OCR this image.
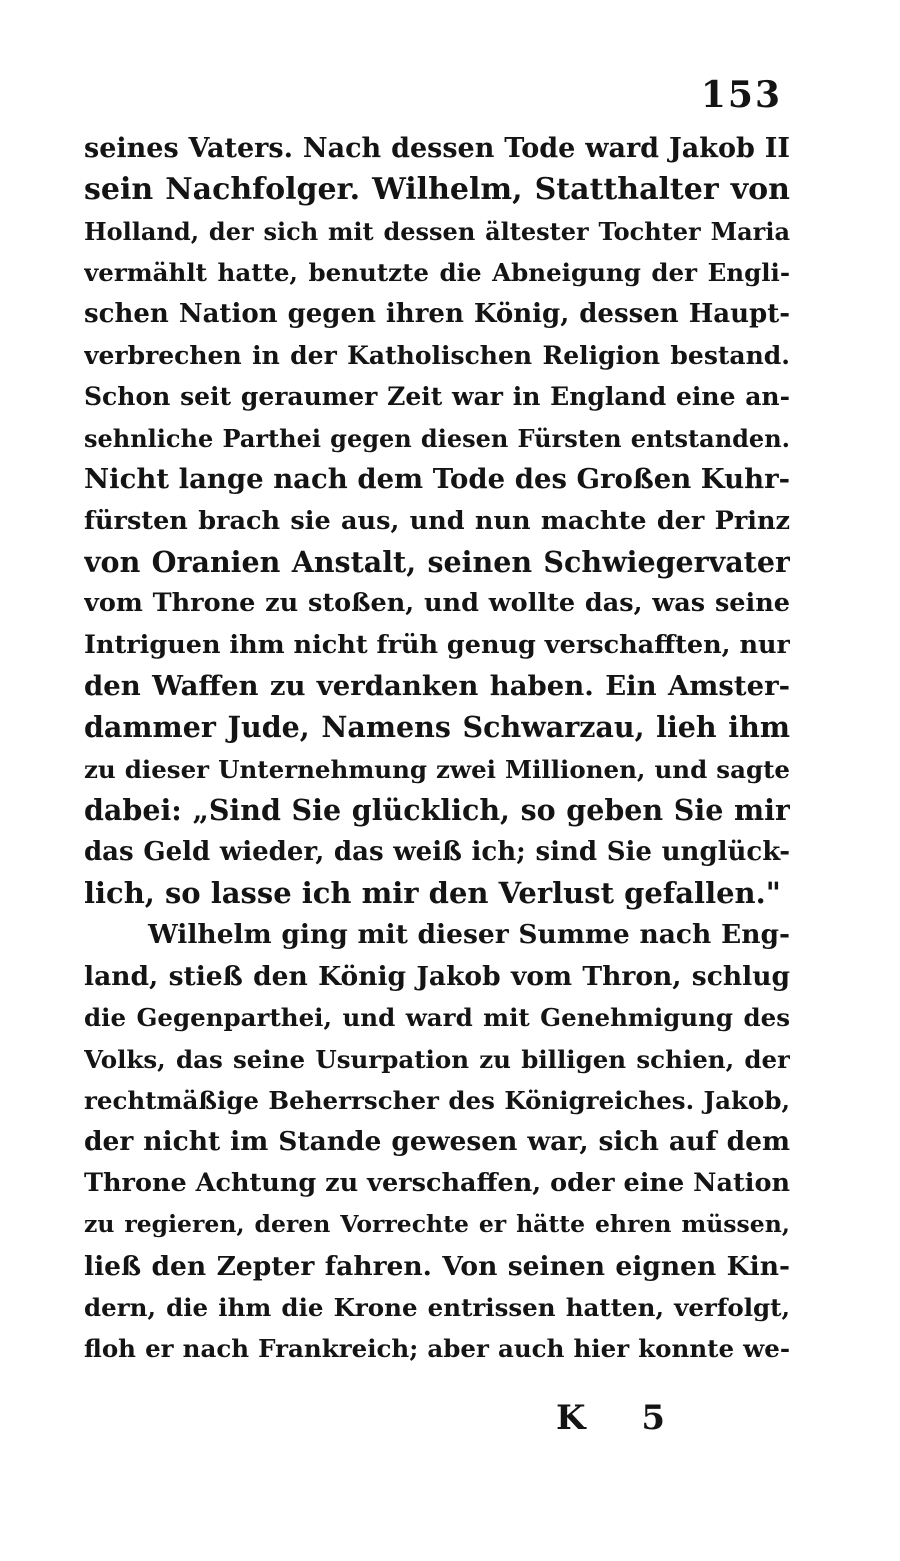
153
seines Vaters. Nach dessen Tode ward Jakob II
sein Nachfolger. Wilhelm, Statthalter von
Holland, der sich mit dessen ältester Tochter Maria
vermählt hatte, benutzte die Abneigung der Engli-
schen Nation gegen ihren König, dessen Haupt-
verbrechen in der Katholischen Religion bestand.
Schon seit geraumer Zeit war in England eine an-
sehnliche Parthei gegen diesen Fürsten entstanden.
Nicht lange nach dem Tode des Großen Kuhr-
fürsten brach sie aus, und nun machte der Prinz
von Oranien Anstalt, seinen Schwiegervater
vom Throne zu stoßen, und wollte das, was seine
Intriguen ihm nicht früh genug verschafften, nur
den Waffen zu verdanken haben. Ein Amster-
dammer Jude, Namens Schwarzau, lieh ihm
zu dieser Unternehmung zwei Millionen, und sagte
dabei: „Sind Sie glücklich, so geben Sie mir
das Geld wieder, das weiß ich; sind Sie unglück-
lich, so lasse ich mir den Verlust gefallen."
Wilhelm ging mit dieser Summe nach Eng-
land, stieß den König Jakob vom Thron, schlug
die Gegenparthei, und ward mit Genehmigung des
Volks, das seine Usurpation zu billigen schien, der
rechtmäßige Beherrscher des Königreiches. Jakob,
der nicht im Stande gewesen war, sich auf dem
Throne Achtung zu verschaffen, oder eine Nation
zu regieren, deren Vorrechte er hätte ehren müssen,
ließ den Zepter fahren. Von seinen eignen Kin-
dern, die ihm die Krone entrissen hatten, verfolgt,
floh er nach Frankreich; aber auch hier konnte we-
K 5
